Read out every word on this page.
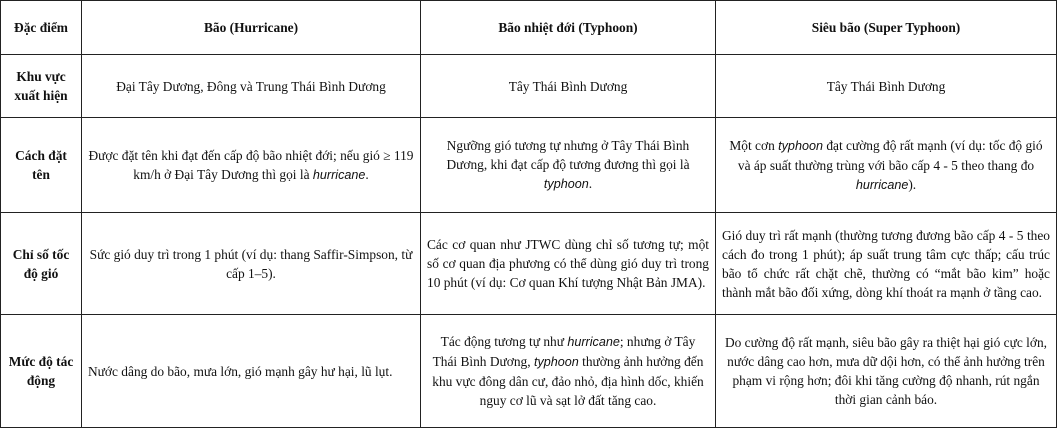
Đặc điểm	Bão (Hurricane)	Bão nhiệt đới (Typhoon)	Siêu bão (Super Typhoon)
Khu vực xuất hiện	Đại Tây Dương, Đông và Trung Thái Bình Dương	Tây Thái Bình Dương	Tây Thái Bình Dương
Cách đặt tên	Được đặt tên khi đạt đến cấp độ bão nhiệt đới; nếu gió ≥ 119 km/h ở Đại Tây Dương thì gọi là hurricane.	Ngưỡng gió tương tự nhưng ở Tây Thái Bình Dương, khi đạt cấp độ tương đương thì gọi là typhoon.	Một cơn typhoon đạt cường độ rất mạnh (ví dụ: tốc độ gió và áp suất thường trùng với bão cấp 4 - 5 theo thang đo hurricane).
Chỉ số tốc độ gió	Sức gió duy trì trong 1 phút (ví dụ: thang Saffir-Simpson, từ cấp 1–5).	Các cơ quan như JTWC dùng chỉ số tương tự; một số cơ quan địa phương có thể dùng gió duy trì trong 10 phút (ví dụ: Cơ quan Khí tượng Nhật Bản JMA).	Gió duy trì rất mạnh (thường tương đương bão cấp 4 - 5 theo cách đo trong 1 phút); áp suất trung tâm cực thấp; cấu trúc bão tổ chức rất chặt chẽ, thường có “mắt bão kim” hoặc thành mắt bão đối xứng, dòng khí thoát ra mạnh ở tầng cao.
Mức độ tác động	Nước dâng do bão, mưa lớn, gió mạnh gây hư hại, lũ lụt.	Tác động tương tự như hurricane; nhưng ở Tây Thái Bình Dương, typhoon thường ảnh hưởng đến khu vực đông dân cư, đảo nhỏ, địa hình dốc, khiến nguy cơ lũ và sạt lở đất tăng cao.	Do cường độ rất mạnh, siêu bão gây ra thiệt hại gió cực lớn, nước dâng cao hơn, mưa dữ dội hơn, có thể ảnh hưởng trên phạm vi rộng hơn; đôi khi tăng cường độ nhanh, rút ngắn thời gian cảnh báo.
